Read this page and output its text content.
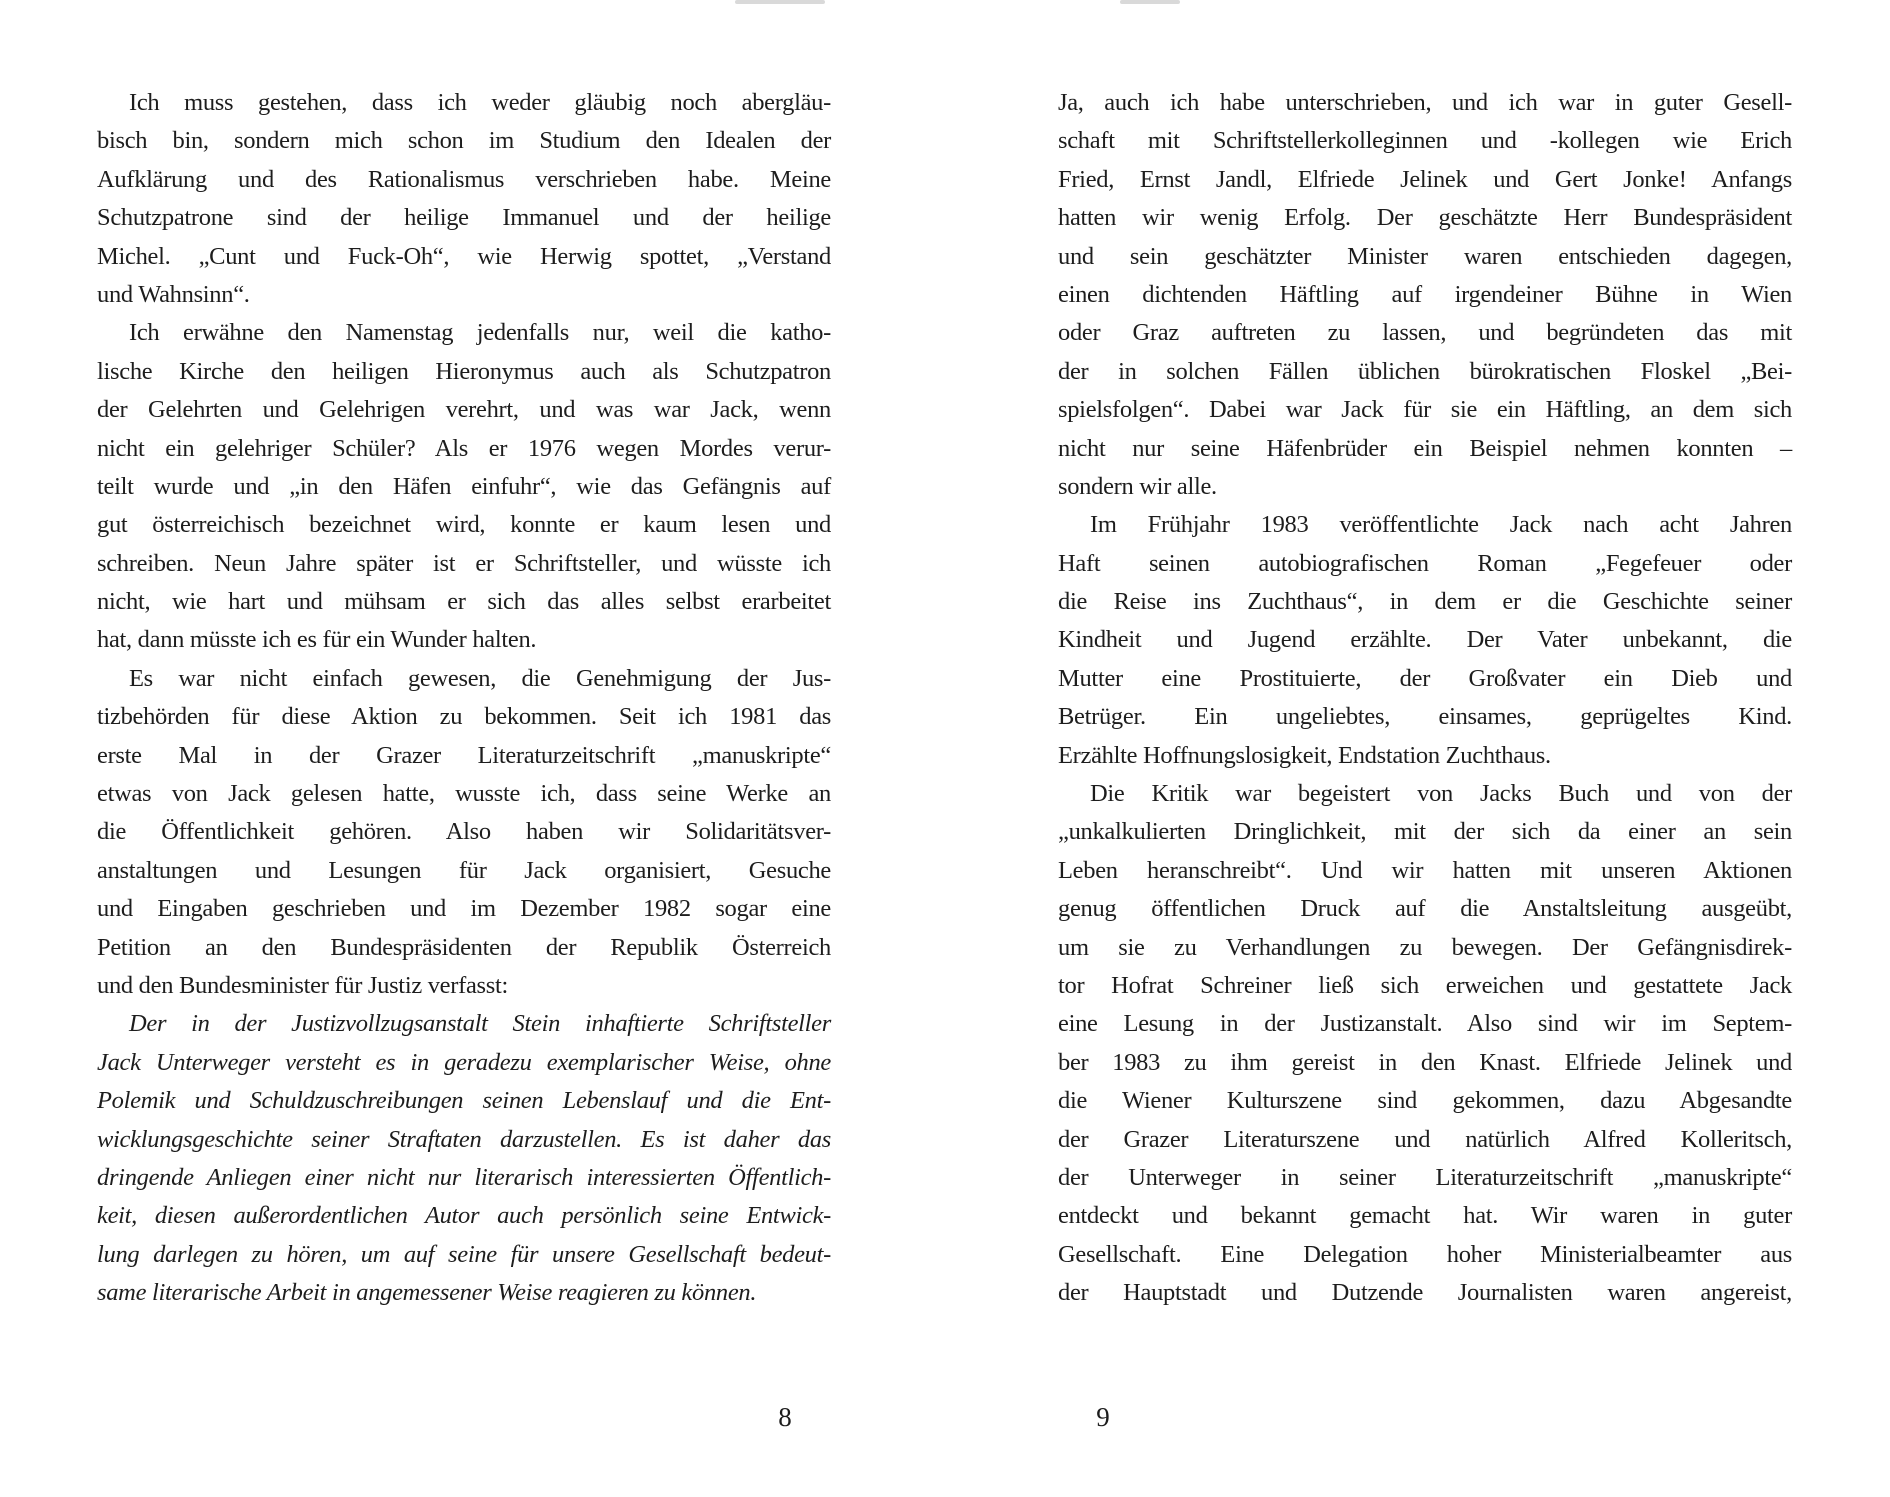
Ich muss gestehen, dass ich weder gläubig noch abergläu-
bisch bin, sondern mich schon im Studium den Idealen der
Aufklärung und des Rationalismus verschrieben habe. Meine
Schutzpatrone sind der heilige Immanuel und der heilige
Michel. „Cunt und Fuck-Oh“, wie Herwig spottet, „Verstand
und Wahnsinn“.
Ich erwähne den Namenstag jedenfalls nur, weil die katho-
lische Kirche den heiligen Hieronymus auch als Schutzpatron
der Gelehrten und Gelehrigen verehrt, und was war Jack, wenn
nicht ein gelehriger Schüler? Als er 1976 wegen Mordes verur-
teilt wurde und „in den Häfen einfuhr“, wie das Gefängnis auf
gut österreichisch bezeichnet wird, konnte er kaum lesen und
schreiben. Neun Jahre später ist er Schriftsteller, und wüsste ich
nicht, wie hart und mühsam er sich das alles selbst erarbeitet
hat, dann müsste ich es für ein Wunder halten.
Es war nicht einfach gewesen, die Genehmigung der Jus-
tizbehörden für diese Aktion zu bekommen. Seit ich 1981 das
erste Mal in der Grazer Literaturzeitschrift „manuskripte“
etwas von Jack gelesen hatte, wusste ich, dass seine Werke an
die Öffentlichkeit gehören. Also haben wir Solidaritätsver-
anstaltungen und Lesungen für Jack organisiert, Gesuche
und Eingaben geschrieben und im Dezember 1982 sogar eine
Petition an den Bundespräsidenten der Republik Österreich
und den Bundesminister für Justiz verfasst:
Der in der Justizvollzugsanstalt Stein inhaftierte Schriftsteller
Jack Unterweger versteht es in geradezu exemplarischer Weise, ohne
Polemik und Schuldzuschreibungen seinen Lebenslauf und die Ent-
wicklungsgeschichte seiner Straftaten darzustellen. Es ist daher das
dringende Anliegen einer nicht nur literarisch interessierten Öffentlich-
keit, diesen außerordentlichen Autor auch persönlich seine Entwick-
lung darlegen zu hören, um auf seine für unsere Gesellschaft bedeut-
same literarische Arbeit in angemessener Weise reagieren zu können.
Ja, auch ich habe unterschrieben, und ich war in guter Gesell-
schaft mit Schriftstellerkolleginnen und -kollegen wie Erich
Fried, Ernst Jandl, Elfriede Jelinek und Gert Jonke! Anfangs
hatten wir wenig Erfolg. Der geschätzte Herr Bundespräsident
und sein geschätzter Minister waren entschieden dagegen,
einen dichtenden Häftling auf irgendeiner Bühne in Wien
oder Graz auftreten zu lassen, und begründeten das mit
der in solchen Fällen üblichen bürokratischen Floskel „Bei-
spielsfolgen“. Dabei war Jack für sie ein Häftling, an dem sich
nicht nur seine Häfenbrüder ein Beispiel nehmen konnten –
sondern wir alle.
Im Frühjahr 1983 veröffentlichte Jack nach acht Jahren
Haft seinen autobiografischen Roman „Fegefeuer oder
die Reise ins Zuchthaus“, in dem er die Geschichte seiner
Kindheit und Jugend erzählte. Der Vater unbekannt, die
Mutter eine Prostituierte, der Großvater ein Dieb und
Betrüger. Ein ungeliebtes, einsames, geprügeltes Kind.
Erzählte Hoffnungslosigkeit, Endstation Zuchthaus.
Die Kritik war begeistert von Jacks Buch und von der
„unkalkulierten Dringlichkeit, mit der sich da einer an sein
Leben heranschreibt“. Und wir hatten mit unseren Aktionen
genug öffentlichen Druck auf die Anstaltsleitung ausgeübt,
um sie zu Verhandlungen zu bewegen. Der Gefängnisdirek-
tor Hofrat Schreiner ließ sich erweichen und gestattete Jack
eine Lesung in der Justizanstalt. Also sind wir im Septem-
ber 1983 zu ihm gereist in den Knast. Elfriede Jelinek und
die Wiener Kulturszene sind gekommen, dazu Abgesandte
der Grazer Literaturszene und natürlich Alfred Kolleritsch,
der Unterweger in seiner Literaturzeitschrift „manuskripte“
entdeckt und bekannt gemacht hat. Wir waren in guter
Gesellschaft. Eine Delegation hoher Ministerialbeamter aus
der Hauptstadt und Dutzende Journalisten waren angereist,
8	9
